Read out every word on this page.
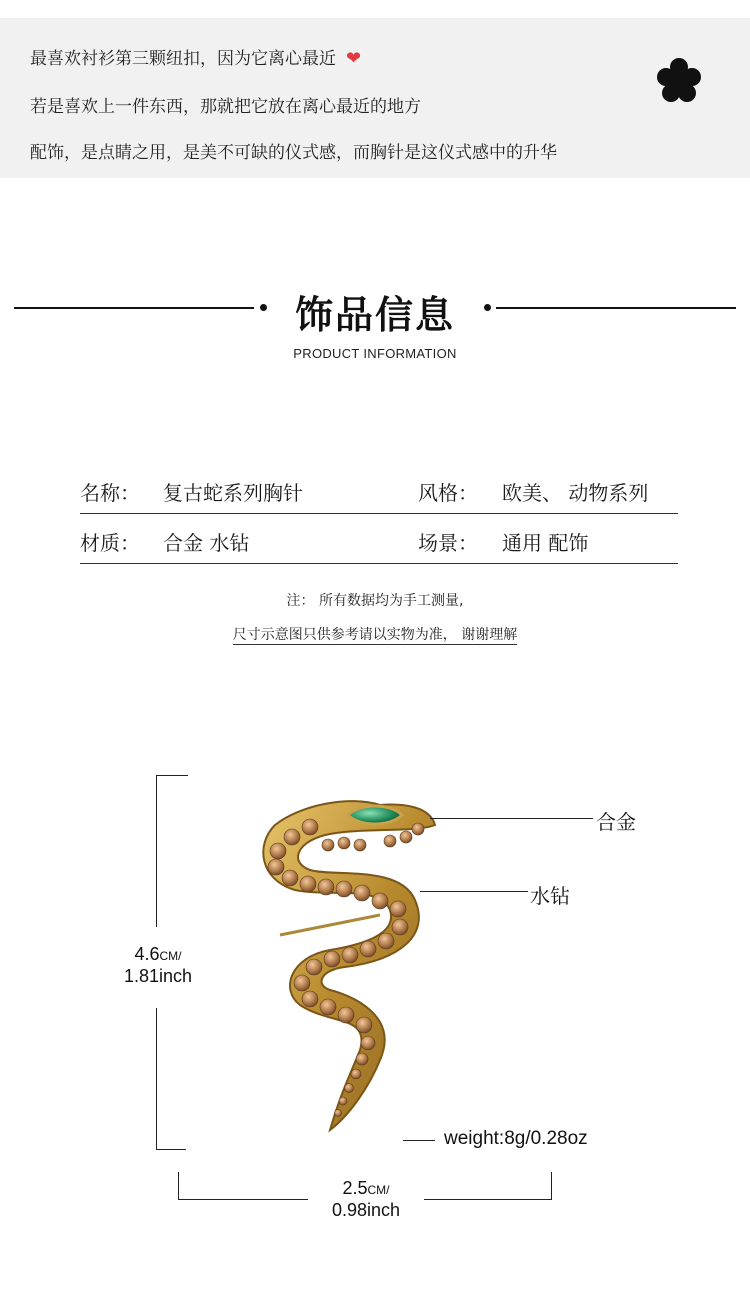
最喜欢衬衫第三颗纽扣，因为它离心最近 ❤
若是喜欢上一件东西，那就把它放在离心最近的地方
配饰，是点睛之用，是美不可缺的仪式感，而胸针是这仪式感中的升华
饰品信息
PRODUCT INFORMATION
名称： 复古蛇系列胸针	风格： 欧美、 动物系列
材质： 合金 水钻	场景： 通用 配饰
注： 所有数据均为手工测量,
尺寸示意图只供参考请以实物为准， 谢谢理解
4.6CM/
1.81inch
2.5CM/
0.98inch
合金
水钻
weight:8g/0.28oz
